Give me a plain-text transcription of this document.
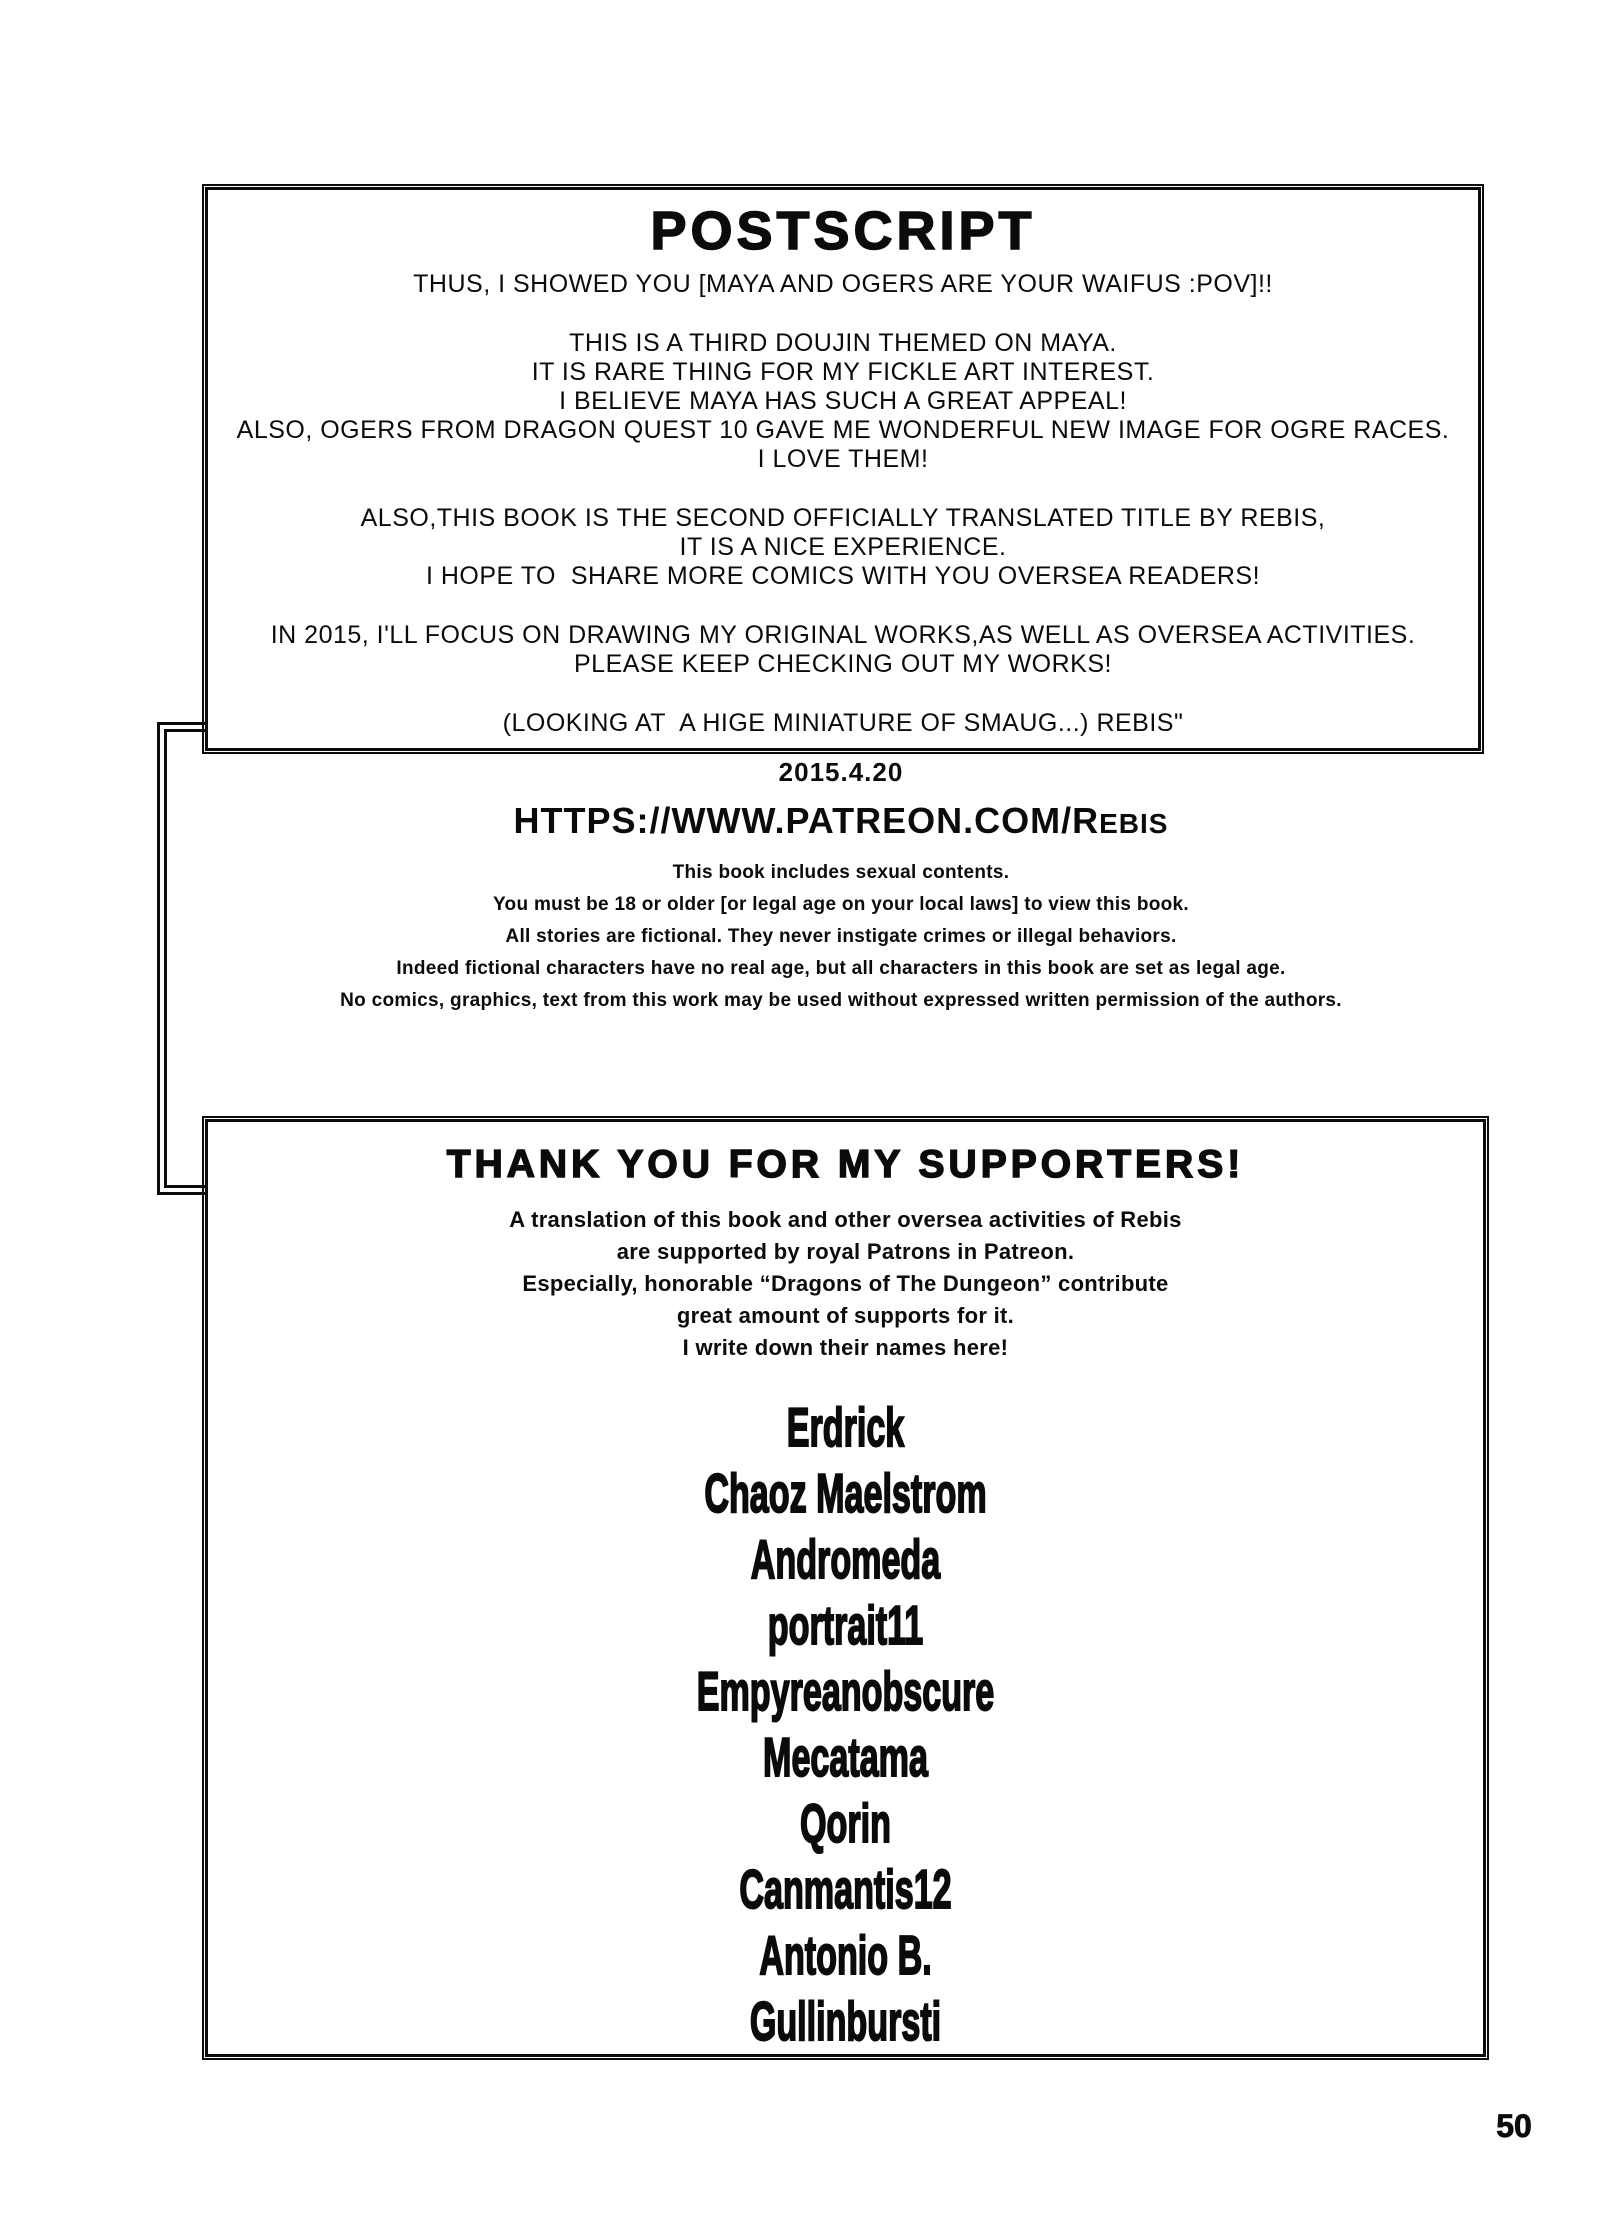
POSTSCRIPT

THUS, I SHOWED YOU [MAYA AND OGERS ARE YOUR WAIFUS :POV]!!

THIS IS A THIRD DOUJIN THEMED ON MAYA.
IT IS RARE THING FOR MY FICKLE ART INTEREST.
I BELIEVE MAYA HAS SUCH A GREAT APPEAL!
ALSO, OGERS FROM DRAGON QUEST 10 GAVE ME WONDERFUL NEW IMAGE FOR OGRE RACES.
I LOVE THEM!

ALSO,THIS BOOK IS THE SECOND OFFICIALLY TRANSLATED TITLE BY REBIS,
IT IS A NICE EXPERIENCE.
I HOPE TO  SHARE MORE COMICS WITH YOU OVERSEA READERS!

IN 2015, I'LL FOCUS ON DRAWING MY ORIGINAL WORKS,AS WELL AS OVERSEA ACTIVITIES.
PLEASE KEEP CHECKING OUT MY WORKS!

(LOOKING AT  A HIGE MINIATURE OF SMAUG...) REBIS"

2015.4.20
HTTPS://WWW.PATREON.COM/REBIS
This book includes sexual contents.
You must be 18 or older [or legal age on your local laws] to view this book.
All stories are fictional. They never instigate crimes or illegal behaviors.
Indeed fictional characters have no real age, but all characters in this book are set as legal age.
No comics, graphics, text from this work may be used without expressed written permission of the authors.
THANK YOU FOR MY SUPPORTERS!
A translation of this book and other oversea activities of Rebis
are supported by royal Patrons in Patreon.
Especially, honorable “Dragons of The Dungeon” contribute
great amount of supports for it.
I write down their names here!
Erdrick
Chaoz Maelstrom
Andromeda
portrait11
Empyreanobscure
Mecatama
Qorin
Canmantis12
Antonio B.
Gullinbursti
50
